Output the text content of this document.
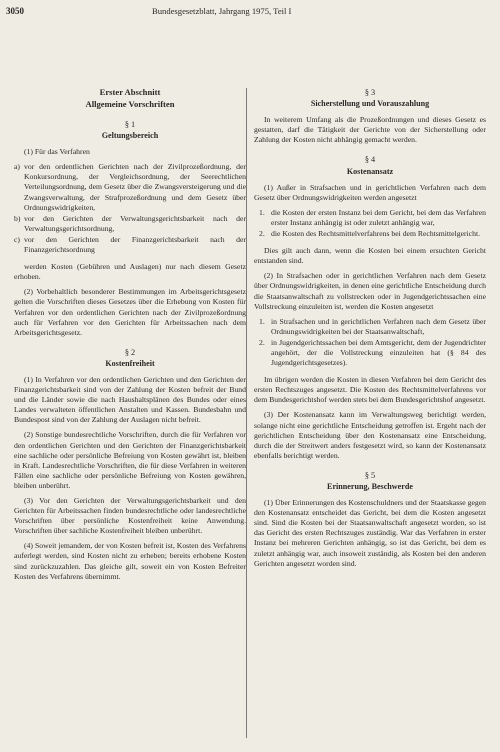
3050	Bundesgesetzblatt, Jahrgang 1975, Teil I
Erster Abschnitt
Allgemeine Vorschriften
§ 1
Geltungsbereich

(1) Für das Verfahren

a) vor den ordentlichen Gerichten nach der Zivilprozeßordnung, der Konkursordnung, der Vergleichsordnung, der Seerechtlichen Verteilungsordnung, dem Gesetz über die Zwangsversteigerung und die Zwangsverwaltung, der Strafprozeßordnung und dem Gesetz über Ordnungswidrigkeiten,
b) vor den Gerichten der Verwaltungsgerichtsbarkeit nach der Verwaltungsgerichtsordnung,
c) vor den Gerichten der Finanzgerichtsbarkeit nach der Finanzgerichtsordnung

werden Kosten (Gebühren und Auslagen) nur nach diesem Gesetz erhoben.

(2) Vorbehaltlich besonderer Bestimmungen im Arbeitsgerichtsgesetz gelten die Vorschriften dieses Gesetzes über die Erhebung von Kosten für Verfahren vor den ordentlichen Gerichten nach der Zivilprozeßordnung auch für Verfahren vor den Gerichten für Arbeitssachen nach dem Arbeitsgerichtsgesetz.

§ 2
Kostenfreiheit

(1) In Verfahren vor den ordentlichen Gerichten und den Gerichten der Finanzgerichtsbarkeit sind von der Zahlung der Kosten befreit der Bund und die Länder sowie die nach Haushaltsplänen des Bundes oder eines Landes verwalteten öffentlichen Anstalten und Kassen. Bundesbahn und Bundespost sind von der Zahlung der Auslagen nicht befreit.

(2) Sonstige bundesrechtliche Vorschriften, durch die für Verfahren vor den ordentlichen Gerichten und den Gerichten der Finanzgerichtsbarkeit eine sachliche oder persönliche Befreiung von Kosten gewährt ist, bleiben in Kraft. Landesrechtliche Vorschriften, die für diese Verfahren in weiteren Fällen eine sachliche oder persönliche Befreiung von Kosten gewähren, bleiben unberührt.

(3) Vor den Gerichten der Verwaltungsgerichtsbarkeit und den Gerichten für Arbeitssachen finden bundesrechtliche oder landesrechtliche Vorschriften über persönliche Kostenfreiheit keine Anwendung. Vorschriften über sachliche Kostenfreiheit bleiben unberührt.

(4) Soweit jemandem, der von Kosten befreit ist, Kosten des Verfahrens auferlegt werden, sind Kosten nicht zu erheben; bereits erhobene Kosten sind zurückzuzahlen. Das gleiche gilt, soweit ein von Kosten Befreiter Kosten des Verfahrens übernimmt.

§ 3
Sicherstellung und Vorauszahlung

In weiterem Umfang als die Prozeßordnungen und dieses Gesetz es gestatten, darf die Tätigkeit der Gerichte von der Sicherstellung oder Zahlung der Kosten nicht abhängig gemacht werden.

§ 4
Kostenansatz

(1) Außer in Strafsachen und in gerichtlichen Verfahren nach dem Gesetz über Ordnungswidrigkeiten werden angesetzt

1. die Kosten der ersten Instanz bei dem Gericht, bei dem das Verfahren erster Instanz anhängig ist oder zuletzt anhängig war,
2. die Kosten des Rechtsmittelverfahrens bei dem Rechtsmittelgericht.

Dies gilt auch dann, wenn die Kosten bei einem ersuchten Gericht entstanden sind.

(2) In Strafsachen oder in gerichtlichen Verfahren nach dem Gesetz über Ordnungswidrigkeiten, in denen eine gerichtliche Entscheidung durch die Staatsanwaltschaft zu vollstrecken oder in Jugendgerichtssachen eine Vollstreckung einzuleiten ist, werden die Kosten angesetzt

1. in Strafsachen und in gerichtlichen Verfahren nach dem Gesetz über Ordnungswidrigkeiten bei der Staatsanwaltschaft,
2. in Jugendgerichtssachen bei dem Amtsgericht, dem der Jugendrichter angehört, der die Vollstreckung einzuleiten hat (§ 84 des Jugendgerichtsgesetzes).

Im übrigen werden die Kosten in diesen Verfahren bei dem Gericht des ersten Rechtszuges angesetzt. Die Kosten des Rechtsmittelverfahrens vor dem Bundesgerichtshof werden stets bei dem Bundesgerichtshof angesetzt.

(3) Der Kostenansatz kann im Verwaltungsweg berichtigt werden, solange nicht eine gerichtliche Entscheidung getroffen ist. Ergeht nach der gerichtlichen Entscheidung über den Kostenansatz eine Entscheidung, durch die der Streitwert anders festgesetzt wird, so kann der Kostenansatz ebenfalls berichtigt werden.

§ 5
Erinnerung, Beschwerde

(1) Über Erinnerungen des Kostenschuldners und der Staatskasse gegen den Kostenansatz entscheidet das Gericht, bei dem die Kosten angesetzt sind. Sind die Kosten bei der Staatsanwaltschaft angesetzt worden, so ist das Gericht des ersten Rechtszuges zuständig. War das Verfahren in erster Instanz bei mehreren Gerichten anhängig, so ist das Gericht, bei dem es zuletzt anhängig war, auch insoweit zuständig, als Kosten bei den anderen Gerichten angesetzt worden sind.
